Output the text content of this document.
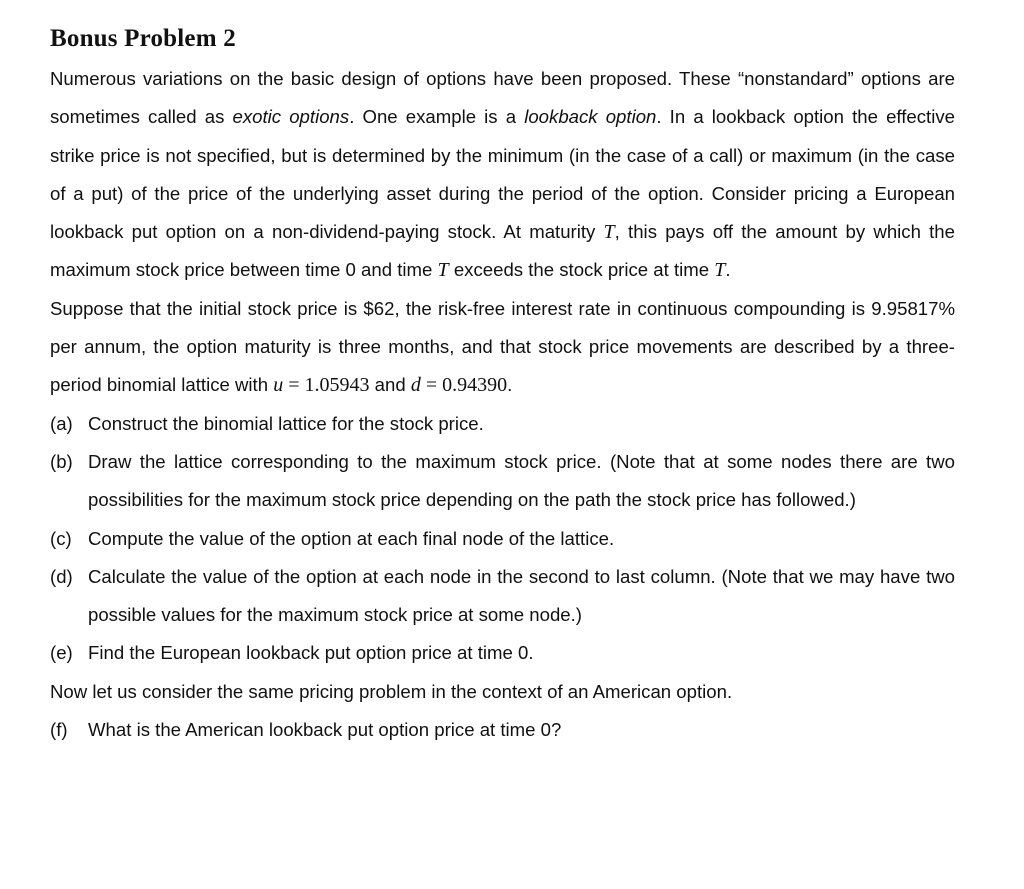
Bonus Problem 2

Numerous variations on the basic design of options have been proposed. These “nonstandard” options are sometimes called as exotic options. One example is a lookback option. In a lookback option the effective strike price is not specified, but is determined by the minimum (in the case of a call) or maximum (in the case of a put) of the price of the underlying asset during the period of the option. Consider pricing a European lookback put option on a non-dividend-paying stock. At maturity T, this pays off the amount by which the maximum stock price between time 0 and time T exceeds the stock price at time T.

Suppose that the initial stock price is $62, the risk-free interest rate in continuous compounding is 9.95817% per annum, the option maturity is three months, and that stock price movements are described by a three-period binomial lattice with u = 1.05943 and d = 0.94390.

(a) Construct the binomial lattice for the stock price.
(b) Draw the lattice corresponding to the maximum stock price. (Note that at some nodes there are two possibilities for the maximum stock price depending on the path the stock price has followed.)
(c) Compute the value of the option at each final node of the lattice.
(d) Calculate the value of the option at each node in the second to last column. (Note that we may have two possible values for the maximum stock price at some node.)
(e) Find the European lookback put option price at time 0.

Now let us consider the same pricing problem in the context of an American option.

(f) What is the American lookback put option price at time 0?
